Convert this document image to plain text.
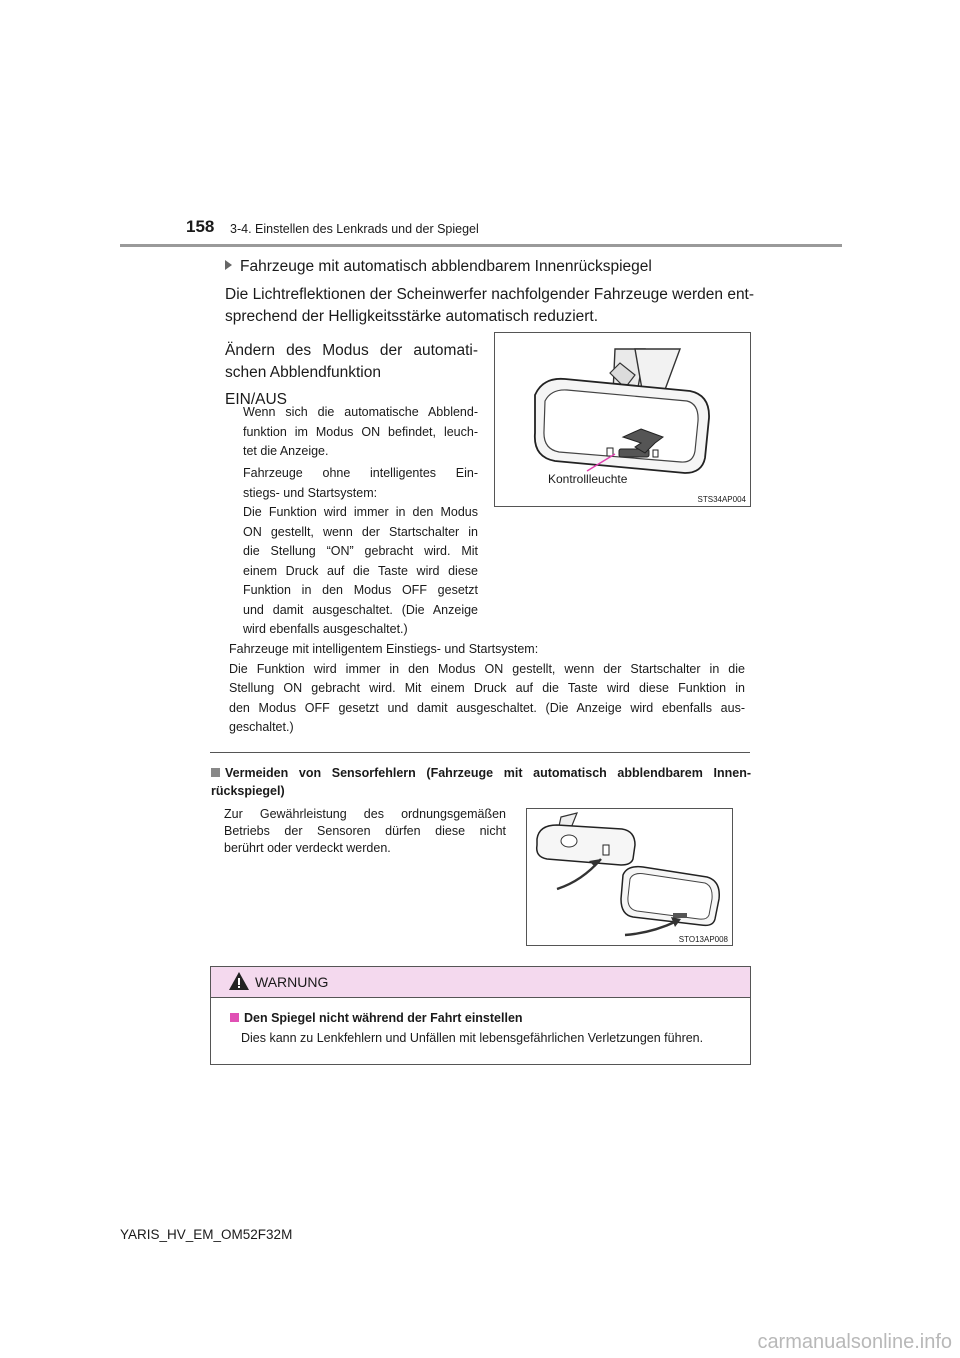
158 3-4. Einstellen des Lenkrads und der Spiegel
Fahrzeuge mit automatisch abblendbarem Innenrückspiegel
Die Lichtreflektionen der Scheinwerfer nachfolgender Fahrzeuge werden ent-
sprechend der Helligkeitsstärke automatisch reduziert.
Ändern des Modus der automati-
schen Abblendfunktion
EIN/AUS
Wenn sich die automatische Abblend-
funktion im Modus ON befindet, leuch-
tet die Anzeige.
Fahrzeuge ohne intelligentes Ein-
stiegs- und Startsystem:
Die Funktion wird immer in den Modus
ON gestellt, wenn der Startschalter in
die Stellung “ON” gebracht wird. Mit
einem Druck auf die Taste wird diese
Funktion in den Modus OFF gesetzt
und damit ausgeschaltet. (Die Anzeige
wird ebenfalls ausgeschaltet.)
Kontrollleuchte
STS34AP004
Fahrzeuge mit intelligentem Einstiegs- und Startsystem:
Die Funktion wird immer in den Modus ON gestellt, wenn der Startschalter in die
Stellung ON gebracht wird. Mit einem Druck auf die Taste wird diese Funktion in
den Modus OFF gesetzt und damit ausgeschaltet. (Die Anzeige wird ebenfalls aus-
geschaltet.)
Vermeiden von Sensorfehlern (Fahrzeuge mit automatisch abblendbarem Innen-
rückspiegel)
Zur Gewährleistung des ordnungsgemäßen
Betriebs der Sensoren dürfen diese nicht
berührt oder verdeckt werden.
STO13AP008
WARNUNG
Den Spiegel nicht während der Fahrt einstellen
Dies kann zu Lenkfehlern und Unfällen mit lebensgefährlichen Verletzungen führen.
YARIS_HV_EM_OM52F32M
carmanualsonline.info
